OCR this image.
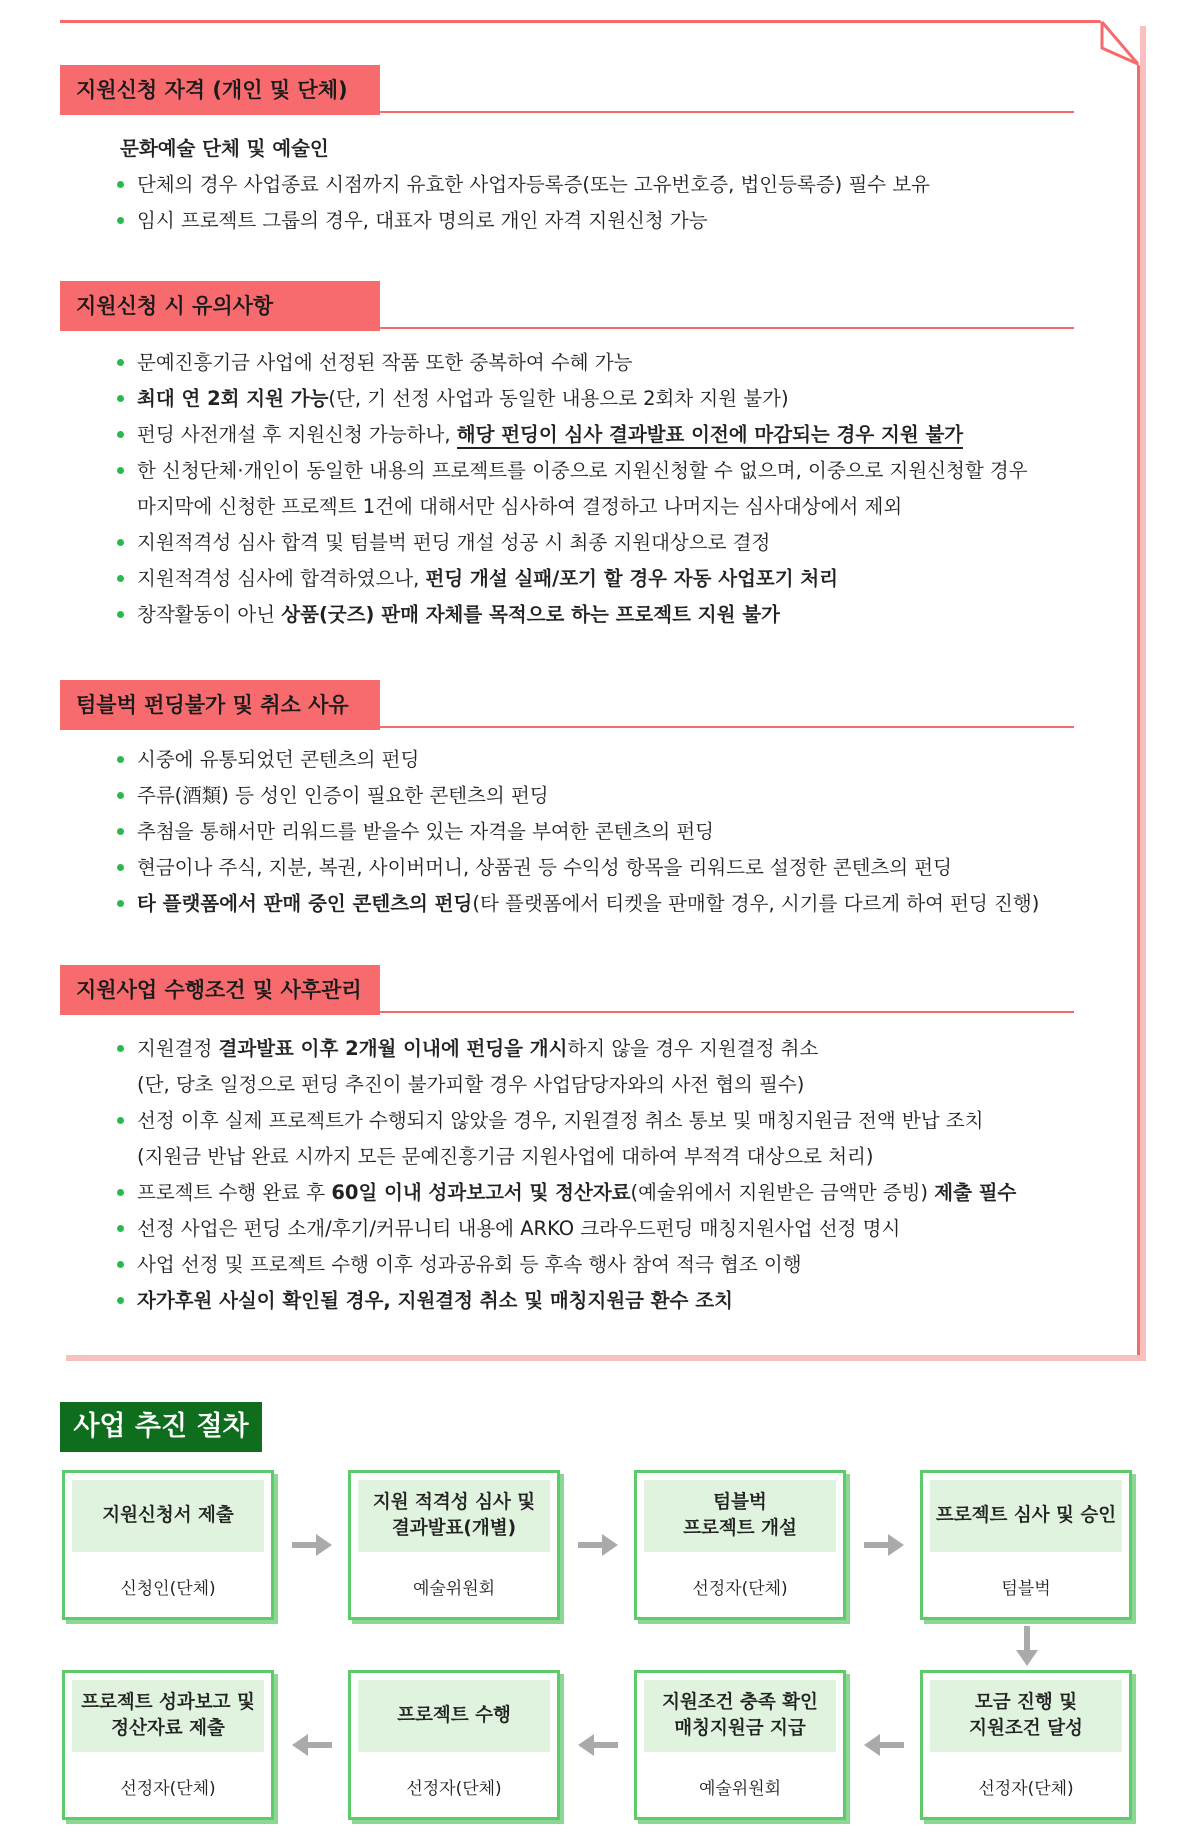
지원신청 자격 (개인 및 단체)
문화예술 단체 및 예술인
단체의 경우 사업종료 시점까지 유효한 사업자등록증(또는 고유번호증, 법인등록증) 필수 보유
임시 프로젝트 그룹의 경우, 대표자 명의로 개인 자격 지원신청 가능
지원신청 시 유의사항
문예진흥기금 사업에 선정된 작품 또한 중복하여 수혜 가능
최대 연 2회 지원 가능(단, 기 선정 사업과 동일한 내용으로 2회차 지원 불가)
펀딩 사전개설 후 지원신청 가능하나, 해당 펀딩이 심사 결과발표 이전에 마감되는 경우 지원 불가
한 신청단체·개인이 동일한 내용의 프로젝트를 이중으로 지원신청할 수 없으며, 이중으로 지원신청할 경우
마지막에 신청한 프로젝트 1건에 대해서만 심사하여 결정하고 나머지는 심사대상에서 제외
지원적격성 심사 합격 및 텀블벅 펀딩 개설 성공 시 최종 지원대상으로 결정
지원적격성 심사에 합격하였으나, 펀딩 개설 실패/포기 할 경우 자동 사업포기 처리
창작활동이 아닌 상품(굿즈) 판매 자체를 목적으로 하는 프로젝트 지원 불가
텀블벅 펀딩불가 및 취소 사유
시중에 유통되었던 콘텐츠의 펀딩
주류(酒類) 등 성인 인증이 필요한 콘텐츠의 펀딩
추첨을 통해서만 리워드를 받을수 있는 자격을 부여한 콘텐츠의 펀딩
현금이나 주식, 지분, 복권, 사이버머니, 상품권 등 수익성 항목을 리워드로 설정한 콘텐츠의 펀딩
타 플랫폼에서 판매 중인 콘텐츠의 펀딩(타 플랫폼에서 티켓을 판매할 경우, 시기를 다르게 하여 펀딩 진행)
지원사업 수행조건 및 사후관리
지원결정 결과발표 이후 2개월 이내에 펀딩을 개시하지 않을 경우 지원결정 취소
(단, 당초 일정으로 펀딩 추진이 불가피할 경우 사업담당자와의 사전 협의 필수)
선정 이후 실제 프로젝트가 수행되지 않았을 경우, 지원결정 취소 통보 및 매칭지원금 전액 반납 조치
(지원금 반납 완료 시까지 모든 문예진흥기금 지원사업에 대하여 부적격 대상으로 처리)
프로젝트 수행 완료 후 60일 이내 성과보고서 및 정산자료(예술위에서 지원받은 금액만 증빙) 제출 필수
선정 사업은 펀딩 소개/후기/커뮤니티 내용에 ARKO 크라우드펀딩 매칭지원사업 선정 명시
사업 선정 및 프로젝트 수행 이후 성과공유회 등 후속 행사 참여 적극 협조 이행
자가후원 사실이 확인될 경우, 지원결정 취소 및 매칭지원금 환수 조치
사업 추진 절차
지원신청서 제출
신청인(단체)
지원 적격성 심사 및
결과발표(개별)
예술위원회
텀블벅
프로젝트 개설
선정자(단체)
프로젝트 심사 및 승인
텀블벅
모금 진행 및
지원조건 달성
선정자(단체)
지원조건 충족 확인
매칭지원금 지급
예술위원회
프로젝트 수행
선정자(단체)
프로젝트 성과보고 및
정산자료 제출
선정자(단체)
